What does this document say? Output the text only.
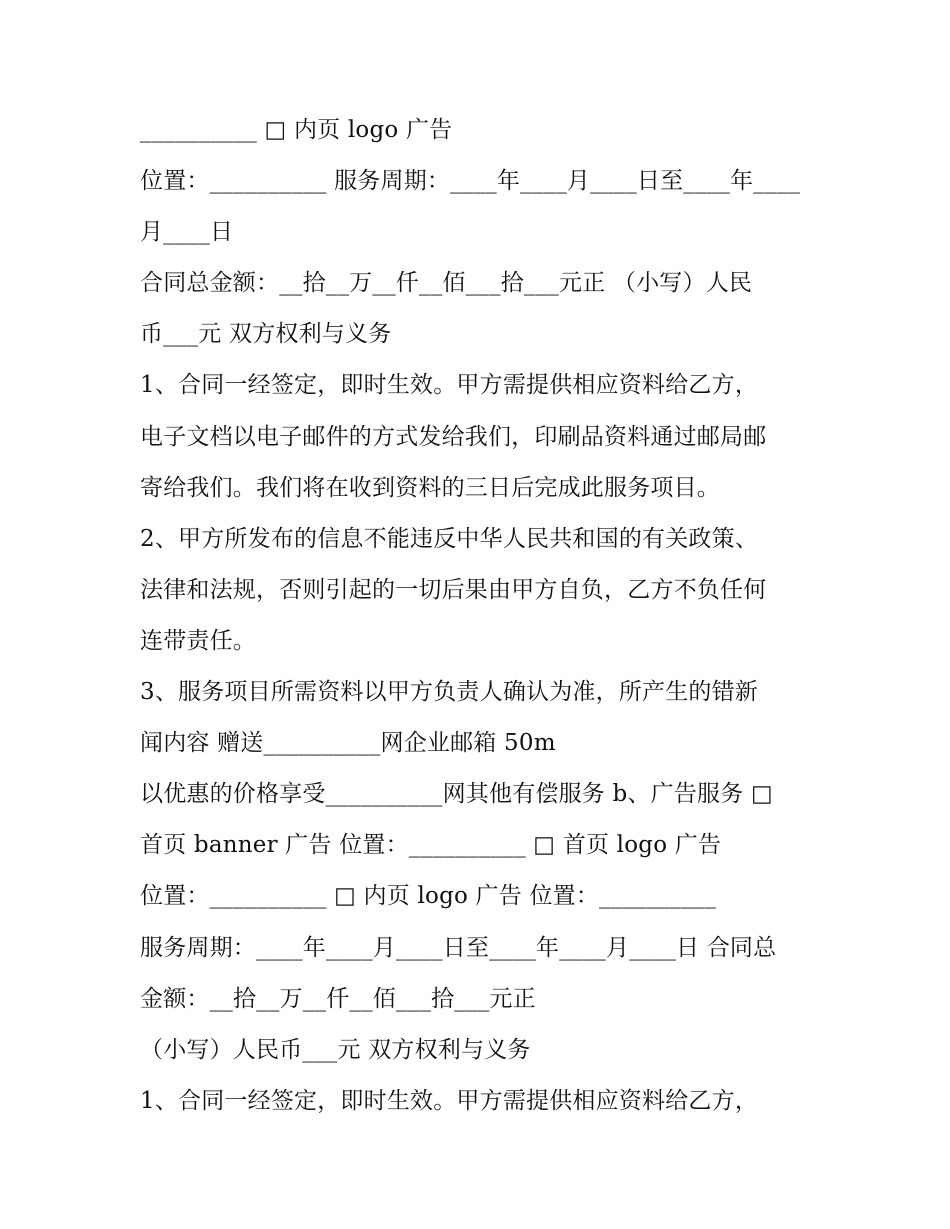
__________ □ 内页 logo 广告
位置：__________ 服务周期：____年____月____日至____年____
月____日
合同总金额：__拾__万__仟__佰___拾___元正 （小写）人民
币___元 双方权利与义务
1、合同一经签定，即时生效。甲方需提供相应资料给乙方，
电子文档以电子邮件的方式发给我们，印刷品资料通过邮局邮
寄给我们。我们将在收到资料的三日后完成此服务项目。
2、甲方所发布的信息不能违反中华人民共和国的有关政策、
法律和法规，否则引起的一切后果由甲方自负，乙方不负任何
连带责任。
3、服务项目所需资料以甲方负责人确认为准，所产生的错新
闻内容 赠送__________网企业邮箱 50m
以优惠的价格享受__________网其他有偿服务 b、广告服务 □
首页 banner 广告 位置：__________ □ 首页 logo 广告
位置：__________ □ 内页 logo 广告 位置：__________
服务周期：____年____月____日至____年____月____日 合同总
金额：__拾__万__仟__佰___拾___元正
（小写）人民币___元 双方权利与义务
1、合同一经签定，即时生效。甲方需提供相应资料给乙方，
